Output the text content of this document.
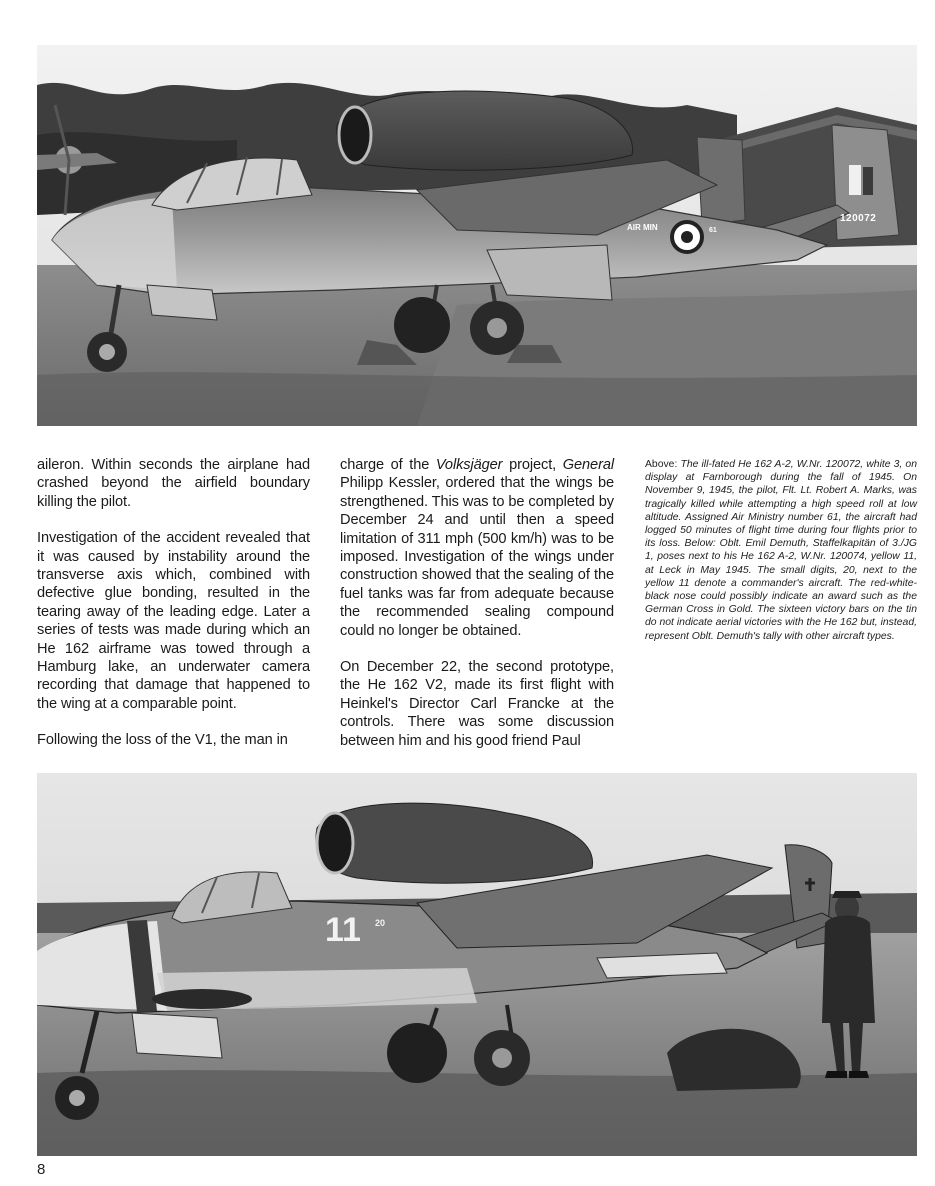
120072
AIR MIN	61

aileron. Within seconds the airplane had crashed beyond the airfield boundary killing the pilot.

Investigation of the accident revealed that it was caused by instability around the transverse axis which, combined with defective glue bonding, resulted in the tearing away of the leading edge. Later a series of tests was made during which an He 162 airframe was towed through a Hamburg lake, an underwater camera recording that damage that happened to the wing at a comparable point.

Following the loss of the V1, the man in

charge of the Volksjäger project, General Philipp Kessler, ordered that the wings be strengthened. This was to be completed by December 24 and until then a speed limitation of 311 mph (500 km/h) was to be imposed. Investigation of the wings under construction showed that the sealing of the fuel tanks was far from adequate because the recommended sealing compound could no longer be obtained.

On December 22, the second prototype, the He 162 V2, made its first flight with Heinkel's Director Carl Francke at the controls. There was some discussion between him and his good friend Paul

Above: The ill-fated He 162 A-2, W.Nr. 120072, white 3, on display at Farnborough during the fall of 1945. On November 9, 1945, the pilot, Flt. Lt. Robert A. Marks, was tragically killed while attempting a high speed roll at low altitude. Assigned Air Ministry number 61, the aircraft had logged 50 minutes of flight time during four flights prior to its loss. Below: Oblt. Emil Demuth, Staffelkapitän of 3./JG 1, poses next to his He 162 A-2, W.Nr. 120074, yellow 11, at Leck in May 1945. The small digits, 20, next to the yellow 11 denote a commander's aircraft. The red-white-black nose could possibly indicate an award such as the German Cross in Gold. The sixteen victory bars on the tin do not indicate aerial victories with the He 162 but, instead, represent Oblt. Demuth's tally with other aircraft types.
11 20
8
